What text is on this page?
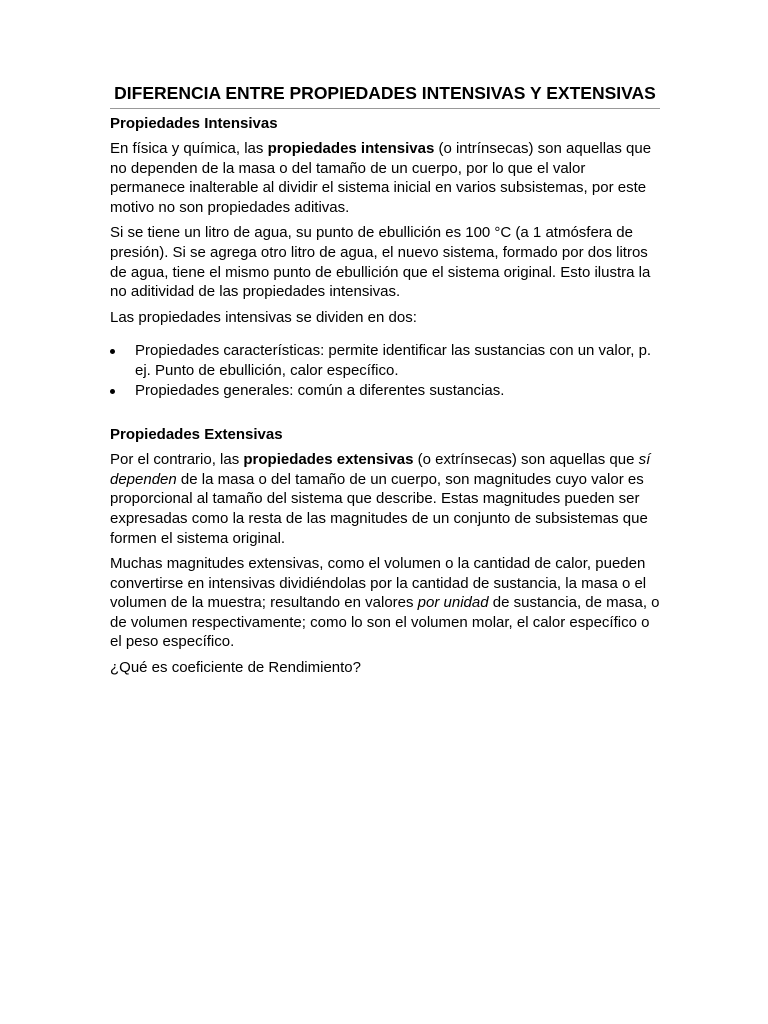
DIFERENCIA ENTRE PROPIEDADES INTENSIVAS Y EXTENSIVAS
Propiedades Intensivas

En física y química, las propiedades intensivas (o intrínsecas) son aquellas que no dependen de la masa o del tamaño de un cuerpo, por lo que el valor permanece inalterable al dividir el sistema inicial en varios subsistemas, por este motivo no son propiedades aditivas.

Si se tiene un litro de agua, su punto de ebullición es 100 °C (a 1 atmósfera de presión). Si se agrega otro litro de agua, el nuevo sistema, formado por dos litros de agua, tiene el mismo punto de ebullición que el sistema original. Esto ilustra la no aditividad de las propiedades intensivas.

Las propiedades intensivas se dividen en dos:

Propiedades características: permite identificar las sustancias con un valor, p. ej. Punto de ebullición, calor específico.
Propiedades generales: común a diferentes sustancias.
Propiedades Extensivas

Por el contrario, las propiedades extensivas (o extrínsecas) son aquellas que sí dependen de la masa o del tamaño de un cuerpo, son magnitudes cuyo valor es proporcional al tamaño del sistema que describe. Estas magnitudes pueden ser expresadas como la resta de las magnitudes de un conjunto de subsistemas que formen el sistema original.

Muchas magnitudes extensivas, como el volumen o la cantidad de calor, pueden convertirse en intensivas dividiéndolas por la cantidad de sustancia, la masa o el volumen de la muestra; resultando en valores por unidad de sustancia, de masa, o de volumen respectivamente; como lo son el volumen molar, el calor específico o el peso específico.

¿Qué es coeficiente de Rendimiento?
